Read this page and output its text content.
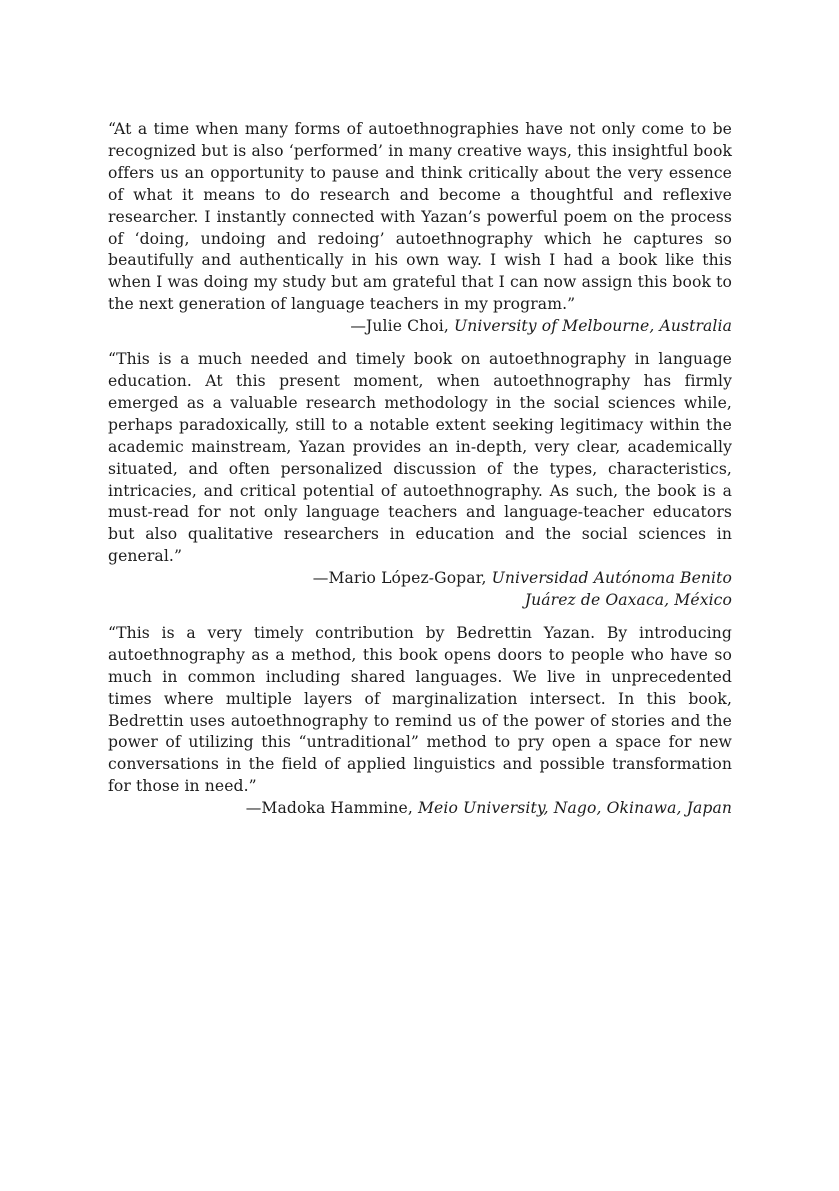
“At a time when many forms of autoethnographies have not only come to be recognized but is also ‘performed’ in many creative ways, this insightful book offers us an opportunity to pause and think critically about the very essence of what it means to do research and become a thoughtful and reflexive researcher. I instantly connected with Yazan’s powerful poem on the process of ‘doing, undoing and redoing’ autoethnography which he captures so beautifully and authentically in his own way. I wish I had a book like this when I was doing my study but am grateful that I can now assign this book to the next generation of language teachers in my program.”

—Julie Choi, University of Melbourne, Australia

“This is a much needed and timely book on autoethnography in language education. At this present moment, when autoethnography has firmly emerged as a valuable research methodology in the social sciences while, perhaps paradoxically, still to a notable extent seeking legitimacy within the academic mainstream, Yazan provides an in-depth, very clear, academically situated, and often personalized discussion of the types, characteristics, intricacies, and critical potential of autoethnography. As such, the book is a must-read for not only language teachers and language-teacher educators but also qualitative researchers in education and the social sciences in general.”

—Mario López-Gopar, Universidad Autónoma Benito

Juárez de Oaxaca, México

“This is a very timely contribution by Bedrettin Yazan. By introducing autoethnography as a method, this book opens doors to people who have so much in common including shared languages. We live in unprecedented times where multiple layers of marginalization intersect. In this book, Bedrettin uses autoethnography to remind us of the power of stories and the power of utilizing this “untraditional” method to pry open a space for new conversations in the field of applied linguistics and possible transformation for those in need.”

—Madoka Hammine, Meio University, Nago, Okinawa, Japan
